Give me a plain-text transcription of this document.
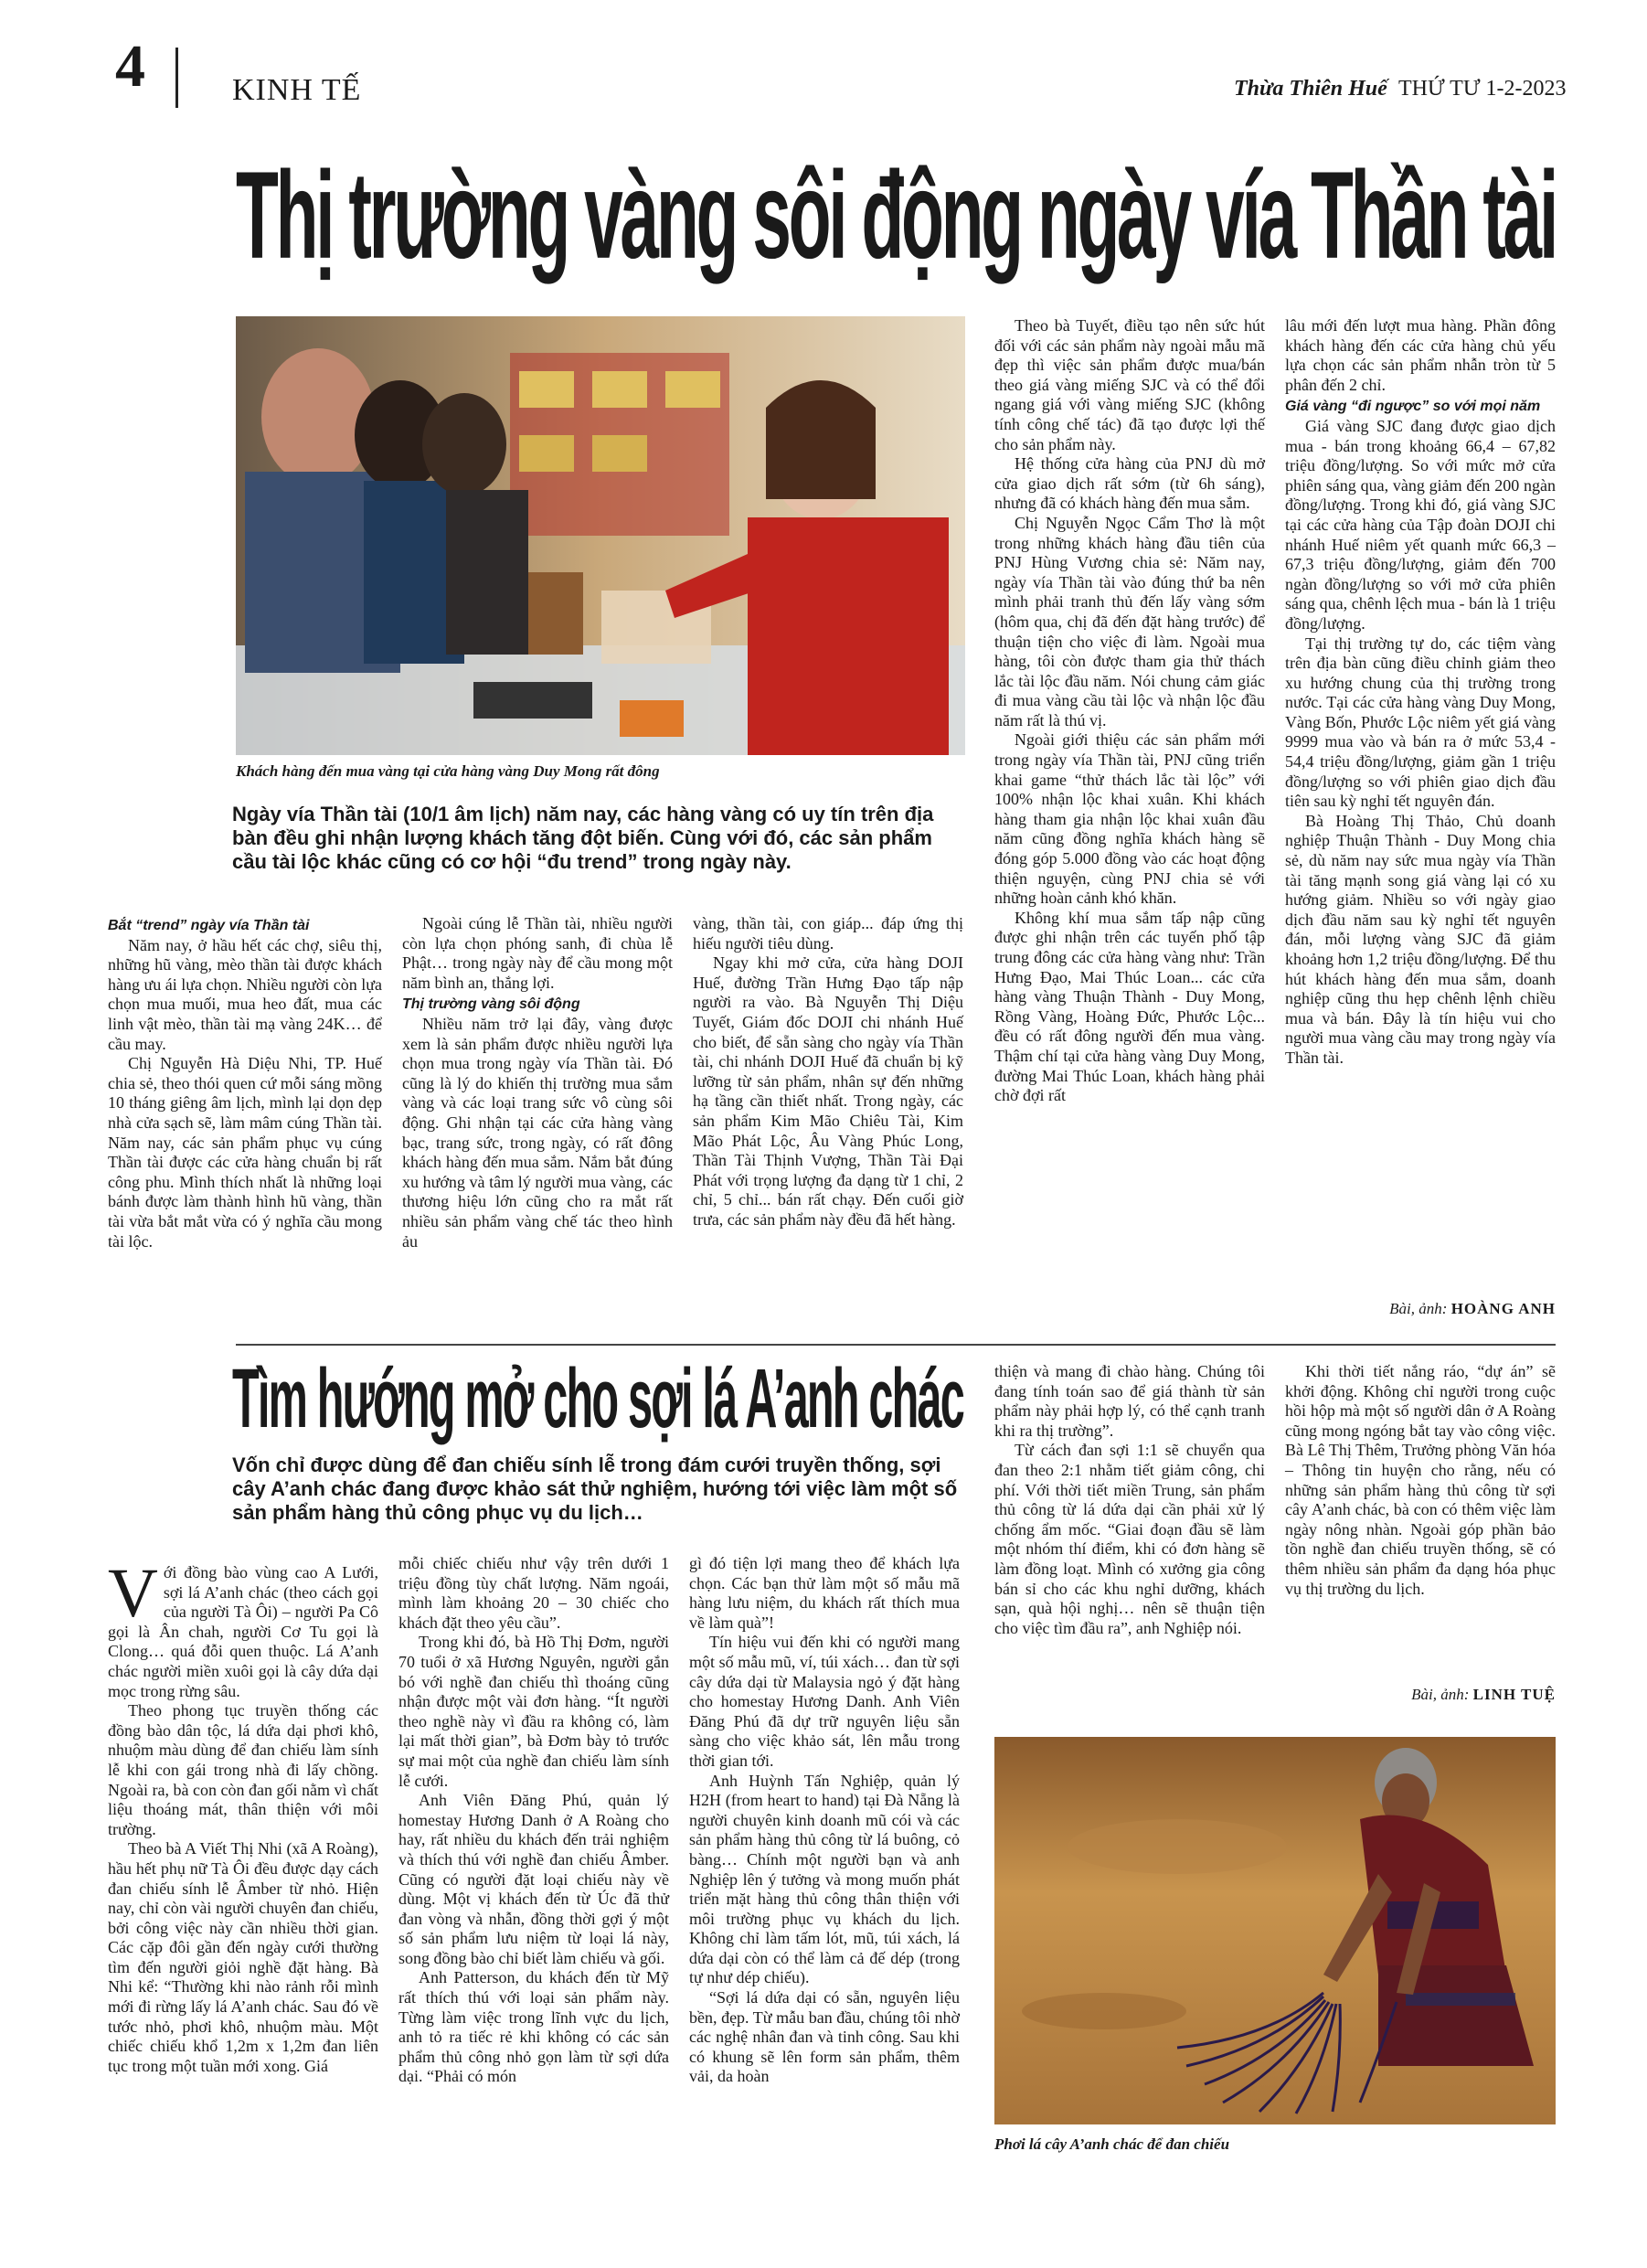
4	KINH TẾ	Thừa Thiên Huế THỨ TƯ 1-2-2023
Thị trường vàng sôi động ngày vía Thần tài
Khách hàng đến mua vàng tại cửa hàng vàng Duy Mong rất đông
Ngày vía Thần tài (10/1 âm lịch) năm nay, các hàng vàng có uy tín trên địa bàn đều ghi nhận lượng khách tăng đột biến. Cùng với đó, các sản phẩm cầu tài lộc khác cũng có cơ hội “đu trend” trong ngày này.

Bắt “trend” ngày vía Thần tài

Năm nay, ở hầu hết các chợ, siêu thị, những hũ vàng, mèo thần tài được khách hàng ưu ái lựa chọn. Nhiều người còn lựa chọn mua muối, mua heo đất, mua các linh vật mèo, thần tài mạ vàng 24K… để cầu may.

Chị Nguyễn Hà Diệu Nhi, TP. Huế chia sẻ, theo thói quen cứ mỗi sáng mồng 10 tháng giêng âm lịch, mình lại dọn dẹp nhà cửa sạch sẽ, làm mâm cúng Thần tài. Năm nay, các sản phẩm phục vụ cúng Thần tài được các cửa hàng chuẩn bị rất công phu. Mình thích nhất là những loại bánh được làm thành hình hũ vàng, thần tài vừa bắt mắt vừa có ý nghĩa cầu mong tài lộc.

Ngoài cúng lễ Thần tài, nhiều người còn lựa chọn phóng sanh, đi chùa lễ Phật… trong ngày này để cầu mong một năm bình an, thắng lợi.

Thị trường vàng sôi động

Nhiều năm trở lại đây, vàng được xem là sản phẩm được nhiều người lựa chọn mua trong ngày vía Thần tài. Đó cũng là lý do khiến thị trường mua sắm vàng và các loại trang sức vô cùng sôi động. Ghi nhận tại các cửa hàng vàng bạc, trang sức, trong ngày, có rất đông khách hàng đến mua sắm. Nắm bắt đúng xu hướng và tâm lý người mua vàng, các thương hiệu lớn cũng cho ra mắt rất nhiều sản phẩm vàng chế tác theo hình ảu

vàng, thần tài, con giáp... đáp ứng thị hiếu người tiêu dùng.

Ngay khi mở cửa, cửa hàng DOJI Huế, đường Trần Hưng Đạo tấp nập người ra vào. Bà Nguyễn Thị Diệu Tuyết, Giám đốc DOJI chi nhánh Huế cho biết, để sẵn sàng cho ngày vía Thần tài, chi nhánh DOJI Huế đã chuẩn bị kỹ lưỡng từ sản phẩm, nhân sự đến những hạ tầng cần thiết nhất. Trong ngày, các sản phẩm Kim Mão Chiêu Tài, Kim Mão Phát Lộc, Âu Vàng Phúc Long, Thần Tài Thịnh Vượng, Thần Tài Đại Phát với trọng lượng đa dạng từ 1 chỉ, 2 chỉ, 5 chỉ... bán rất chạy. Đến cuối giờ trưa, các sản phẩm này đều đã hết hàng.

Theo bà Tuyết, điều tạo nên sức hút đối với các sản phẩm này ngoài mẫu mã đẹp thì việc sản phẩm được mua/bán theo giá vàng miếng SJC và có thể đổi ngang giá với vàng miếng SJC (không tính công chế tác) đã tạo được lợi thế cho sản phẩm này.

Hệ thống cửa hàng của PNJ dù mở cửa giao dịch rất sớm (từ 6h sáng), nhưng đã có khách hàng đến mua sắm.

Chị Nguyễn Ngọc Cẩm Thơ là một trong những khách hàng đầu tiên của PNJ Hùng Vương chia sẻ: Năm nay, ngày vía Thần tài vào đúng thứ ba nên mình phải tranh thủ đến lấy vàng sớm (hôm qua, chị đã đến đặt hàng trước) để thuận tiện cho việc đi làm. Ngoài mua hàng, tôi còn được tham gia thử thách lắc tài lộc đầu năm. Nói chung cảm giác đi mua vàng cầu tài lộc và nhận lộc đầu năm rất là thú vị.

Ngoài giới thiệu các sản phẩm mới trong ngày vía Thần tài, PNJ cũng triển khai game “thử thách lắc tài lộc” với 100% nhận lộc khai xuân. Khi khách hàng tham gia nhận lộc khai xuân đầu năm cũng đồng nghĩa khách hàng sẽ đóng góp 5.000 đồng vào các hoạt động thiện nguyện, cùng PNJ chia sẻ với những hoàn cảnh khó khăn.

Không khí mua sắm tấp nập cũng được ghi nhận trên các tuyến phố tập trung đông các cửa hàng vàng như: Trần Hưng Đạo, Mai Thúc Loan... các cửa hàng vàng Thuận Thành - Duy Mong, Rồng Vàng, Hoàng Đức, Phước Lộc... đều có rất đông người đến mua vàng. Thậm chí tại cửa hàng vàng Duy Mong, đường Mai Thúc Loan, khách hàng phải chờ đợi rất

lâu mới đến lượt mua hàng. Phần đông khách hàng đến các cửa hàng chủ yếu lựa chọn các sản phẩm nhẫn tròn từ 5 phân đến 2 chỉ.

Giá vàng “đi ngược” so với mọi năm

Giá vàng SJC đang được giao dịch mua - bán trong khoảng 66,4 – 67,82 triệu đồng/lượng. So với mức mở cửa phiên sáng qua, vàng giảm đến 200 ngàn đồng/lượng. Trong khi đó, giá vàng SJC tại các cửa hàng của Tập đoàn DOJI chi nhánh Huế niêm yết quanh mức 66,3 – 67,3 triệu đồng/lượng, giảm đến 700 ngàn đồng/lượng so với mở cửa phiên sáng qua, chênh lệch mua - bán là 1 triệu đồng/lượng.

Tại thị trường tự do, các tiệm vàng trên địa bàn cũng điều chỉnh giảm theo xu hướng chung của thị trường trong nước. Tại các cửa hàng vàng Duy Mong, Vàng Bốn, Phước Lộc niêm yết giá vàng 9999 mua vào và bán ra ở mức 53,4 - 54,4 triệu đồng/lượng, giảm gần 1 triệu đồng/lượng so với phiên giao dịch đầu tiên sau kỳ nghỉ tết nguyên đán.

Bà Hoàng Thị Thảo, Chủ doanh nghiệp Thuận Thành - Duy Mong chia sẻ, dù năm nay sức mua ngày vía Thần tài tăng mạnh song giá vàng lại có xu hướng giảm. Nhiều so với ngày giao dịch đầu năm sau kỳ nghỉ tết nguyên đán, mỗi lượng vàng SJC đã giảm khoảng hơn 1,2 triệu đồng/lượng. Để thu hút khách hàng đến mua sắm, doanh nghiệp cũng thu hẹp chênh lệnh chiều mua và bán. Đây là tín hiệu vui cho người mua vàng cầu may trong ngày vía Thần tài.

Bài, ảnh: HOÀNG ANH
Tìm hướng mở cho sợi lá A’anh chác
Vốn chỉ được dùng để đan chiếu sính lễ trong đám cưới truyền thống, sợi cây A’anh chác đang được khảo sát thử nghiệm, hướng tới việc làm một số sản phẩm hàng thủ công phục vụ du lịch…

Với đồng bào vùng cao A Lưới, sợi lá A’anh chác (theo cách gọi của người Tà Ôi) – người Pa Cô gọi là Ân chah, người Cơ Tu gọi là Clong… quá đỗi quen thuộc. Lá A’anh chác người miền xuôi gọi là cây dứa dại mọc trong rừng sâu.

Theo phong tục truyền thống các đồng bào dân tộc, lá dứa dại phơi khô, nhuộm màu dùng để đan chiếu làm sính lễ khi con gái trong nhà đi lấy chồng. Ngoài ra, bà con còn đan gối nằm vì chất liệu thoáng mát, thân thiện với môi trường.

Theo bà A Viết Thị Nhi (xã A Roàng), hầu hết phụ nữ Tà Ôi đều được dạy cách đan chiếu sính lễ Âmber từ nhỏ. Hiện nay, chỉ còn vài người chuyên đan chiếu, bởi công việc này cần nhiều thời gian. Các cặp đôi gần đến ngày cưới thường tìm đến người giỏi nghề đặt hàng. Bà Nhi kể: “Thường khi nào rảnh rỗi mình mới đi rừng lấy lá A’anh chác. Sau đó về tước nhỏ, phơi khô, nhuộm màu. Một chiếc chiếu khổ 1,2m x 1,2m đan liên tục trong một tuần mới xong. Giá

mỗi chiếc chiếu như vậy trên dưới 1 triệu đồng tùy chất lượng. Năm ngoái, mình làm khoảng 20 – 30 chiếc cho khách đặt theo yêu cầu”.

Trong khi đó, bà Hồ Thị Đơm, người 70 tuổi ở xã Hương Nguyên, người gắn bó với nghề đan chiếu thì thoáng cũng nhận được một vài đơn hàng. “Ít người theo nghề này vì đầu ra không có, làm lại mất thời gian”, bà Đơm bày tỏ trước sự mai một của nghề đan chiếu làm sính lễ cưới.

Anh Viên Đăng Phú, quản lý homestay Hương Danh ở A Roàng cho hay, rất nhiều du khách đến trải nghiệm và thích thú với nghề đan chiếu Âmber. Cũng có người đặt loại chiếu này về dùng. Một vị khách đến từ Úc đã thử đan vòng và nhẫn, đồng thời gợi ý một số sản phẩm lưu niệm từ loại lá này, song đồng bào chỉ biết làm chiếu và gối.

Anh Patterson, du khách đến từ Mỹ rất thích thú với loại sản phẩm này. Từng làm việc trong lĩnh vực du lịch, anh tỏ ra tiếc rẻ khi không có các sản phẩm thủ công nhỏ gọn làm từ sợi dứa dại. “Phải có món

gì đó tiện lợi mang theo để khách lựa chọn. Các bạn thử làm một số mẫu mã hàng lưu niệm, du khách rất thích mua về làm quà”!

Tín hiệu vui đến khi có người mang một số mẫu mũ, ví, túi xách… đan từ sợi cây dứa dại từ Malaysia ngỏ ý đặt hàng cho homestay Hương Danh. Anh Viên Đăng Phú đã dự trữ nguyên liệu sẵn sàng cho việc khảo sát, lên mẫu trong thời gian tới.

Anh Huỳnh Tấn Nghiệp, quản lý H2H (from heart to hand) tại Đà Nẵng là người chuyên kinh doanh mũ cói và các sản phẩm hàng thủ công từ lá buông, cỏ bàng… Chính một người bạn và anh Nghiệp lên ý tưởng và mong muốn phát triển mặt hàng thủ công thân thiện với môi trường phục vụ khách du lịch. Không chỉ làm tấm lót, mũ, túi xách, lá dứa dại còn có thể làm cả đế dép (trong tự như dép chiếu).

“Sợi lá dứa dại có sẵn, nguyên liệu bền, đẹp. Từ mẫu ban đầu, chúng tôi nhờ các nghệ nhân đan và tinh công. Sau khi có khung sẽ lên form sản phẩm, thêm vải, da hoàn

thiện và mang đi chào hàng. Chúng tôi đang tính toán sao để giá thành từ sản phẩm này phải hợp lý, có thể cạnh tranh khi ra thị trường”.

Từ cách đan sợi 1:1 sẽ chuyển qua đan theo 2:1 nhằm tiết giảm công, chi phí. Với thời tiết miền Trung, sản phẩm thủ công từ lá dứa dại cần phải xử lý chống ẩm mốc. “Giai đoạn đầu sẽ làm một nhóm thí điểm, khi có đơn hàng sẽ làm đồng loạt. Mình có xưởng gia công bán sỉ cho các khu nghỉ dưỡng, khách sạn, quà hội nghị… nên sẽ thuận tiện cho việc tìm đầu ra”, anh Nghiệp nói.

Khi thời tiết nắng ráo, “dự án” sẽ khởi động. Không chỉ người trong cuộc hồi hộp mà một số người dân ở A Roàng cũng mong ngóng bắt tay vào công việc. Bà Lê Thị Thêm, Trưởng phòng Văn hóa – Thông tin huyện cho rằng, nếu có những sản phẩm hàng thủ công từ sợi cây A’anh chác, bà con có thêm việc làm ngày nông nhàn. Ngoài góp phần bảo tồn nghề đan chiếu truyền thống, sẽ có thêm nhiều sản phẩm đa dạng hóa phục vụ thị trường du lịch.

Bài, ảnh: LINH TUỆ
Phơi lá cây A’anh chác để đan chiếu
